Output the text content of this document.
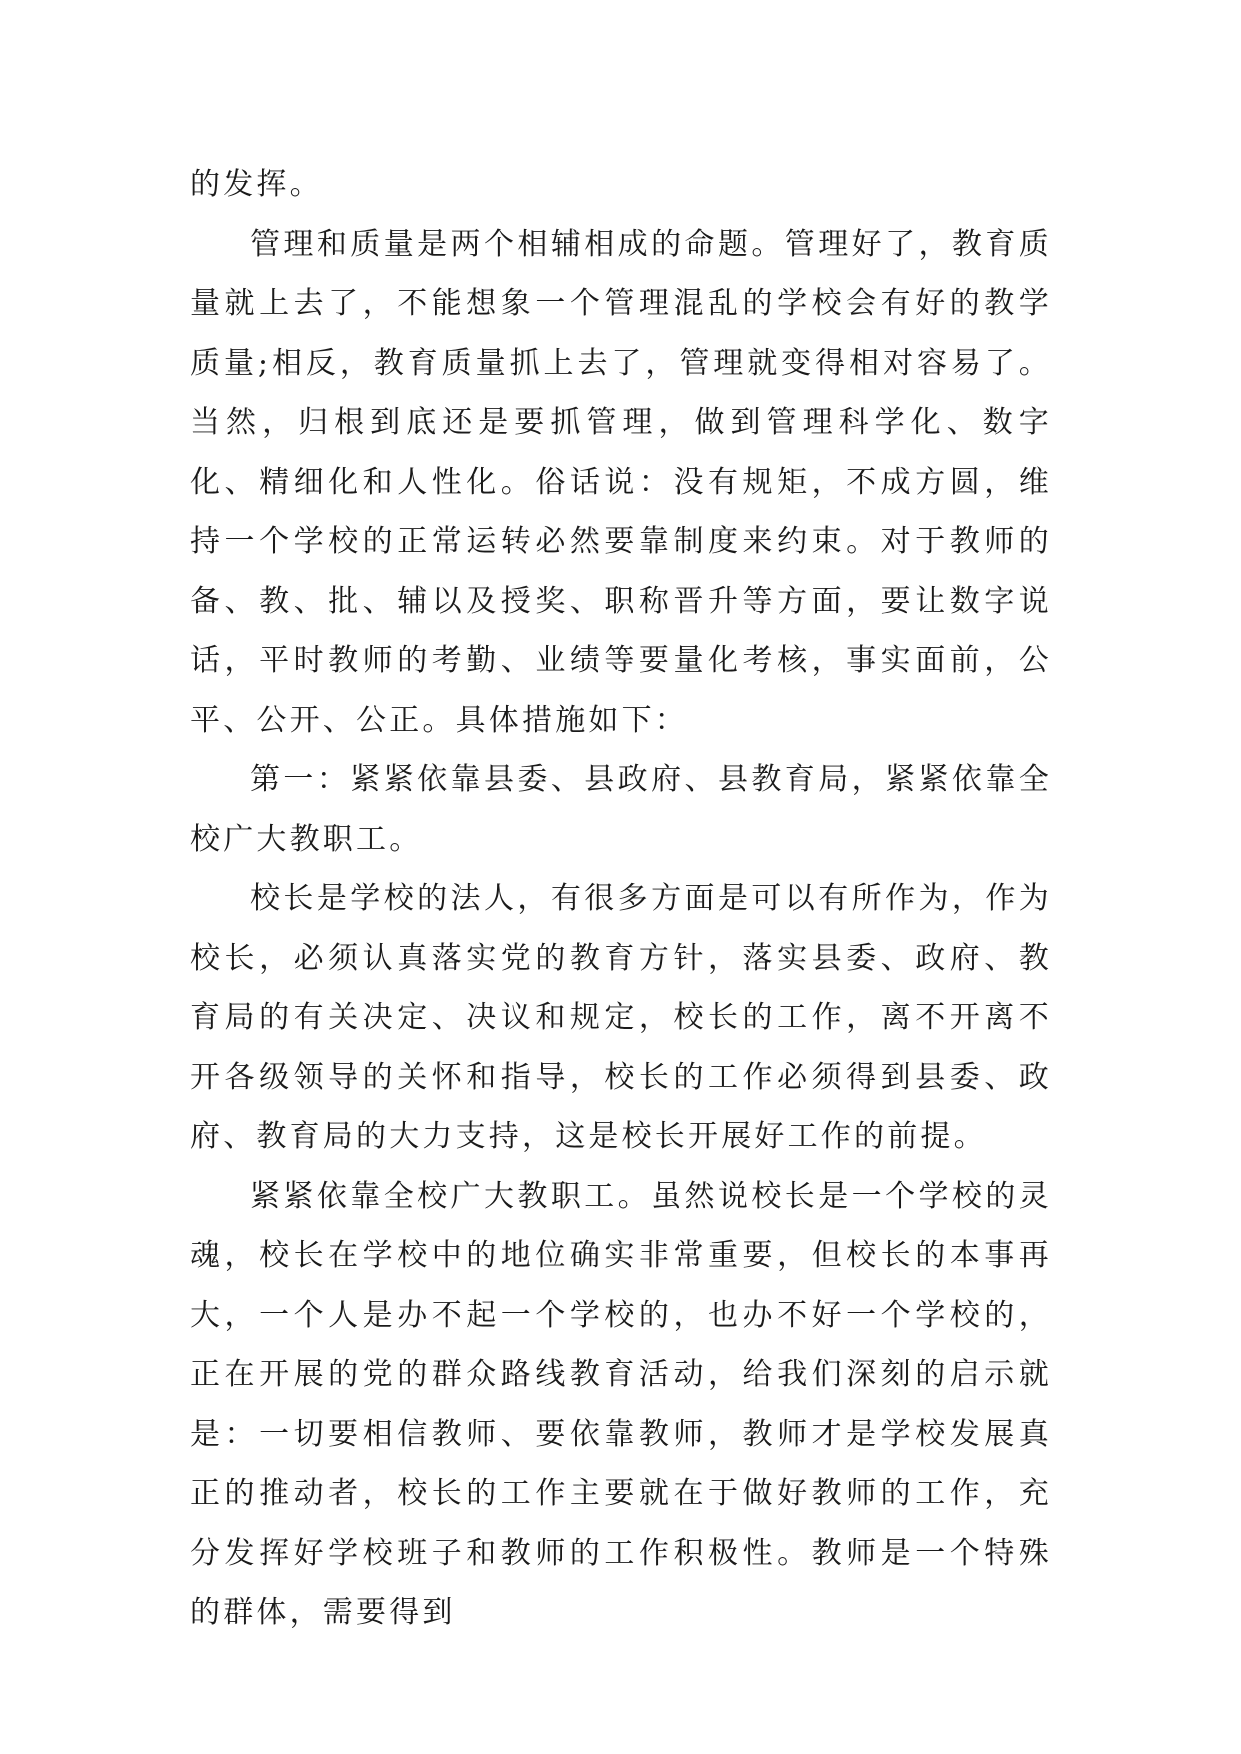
的发挥。

管理和质量是两个相辅相成的命题。管理好了，教育质量就上去了，不能想象一个管理混乱的学校会有好的教学质量;相反，教育质量抓上去了，管理就变得相对容易了。当然，归根到底还是要抓管理，做到管理科学化、数字化、精细化和人性化。俗话说：没有规矩，不成方圆，维持一个学校的正常运转必然要靠制度来约束。对于教师的备、教、批、辅以及授奖、职称晋升等方面，要让数字说话，平时教师的考勤、业绩等要量化考核，事实面前，公平、公开、公正。具体措施如下：

第一：紧紧依靠县委、县政府、县教育局，紧紧依靠全校广大教职工。

校长是学校的法人，有很多方面是可以有所作为，作为校长，必须认真落实党的教育方针，落实县委、政府、教育局的有关决定、决议和规定，校长的工作，离不开离不开各级领导的关怀和指导，校长的工作必须得到县委、政府、教育局的大力支持，这是校长开展好工作的前提。

紧紧依靠全校广大教职工。虽然说校长是一个学校的灵魂，校长在学校中的地位确实非常重要，但校长的本事再大，一个人是办不起一个学校的，也办不好一个学校的，正在开展的党的群众路线教育活动，给我们深刻的启示就是：一切要相信教师、要依靠教师，教师才是学校发展真正的推动者，校长的工作主要就在于做好教师的工作，充分发挥好学校班子和教师的工作积极性。教师是一个特殊的群体，需要得到
